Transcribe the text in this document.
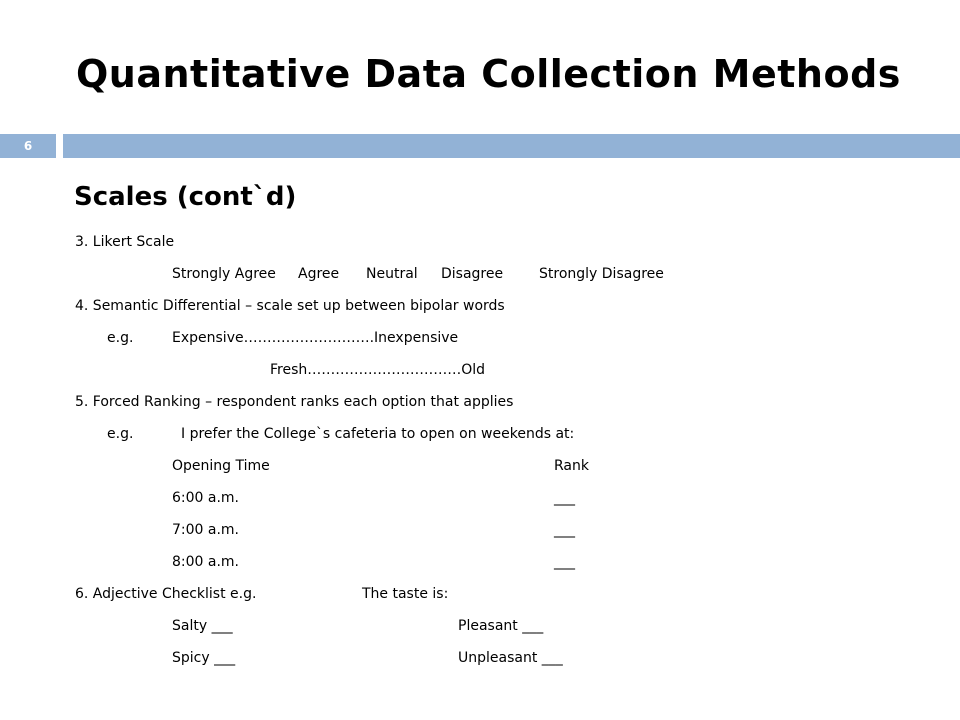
Quantitative Data Collection Methods
6
Scales (cont`d)
3. Likert Scale
Strongly Agree Agree Neutral Disagree	Strongly Disagree
4. Semantic Differential – scale set up between bipolar words
e.g.	Expensive……………………….Inexpensive
Fresh……………………………Old
5. Forced Ranking – respondent ranks each option that applies
e.g.	I prefer the College`s cafeteria to open on weekends at:
Opening Time	Rank
6:00 a.m.	___
7:00 a.m.	___
8:00 a.m.	___
6. Adjective Checklist e.g.	The taste is:
Salty ___	Pleasant ___
Spicy ___	Unpleasant ___
